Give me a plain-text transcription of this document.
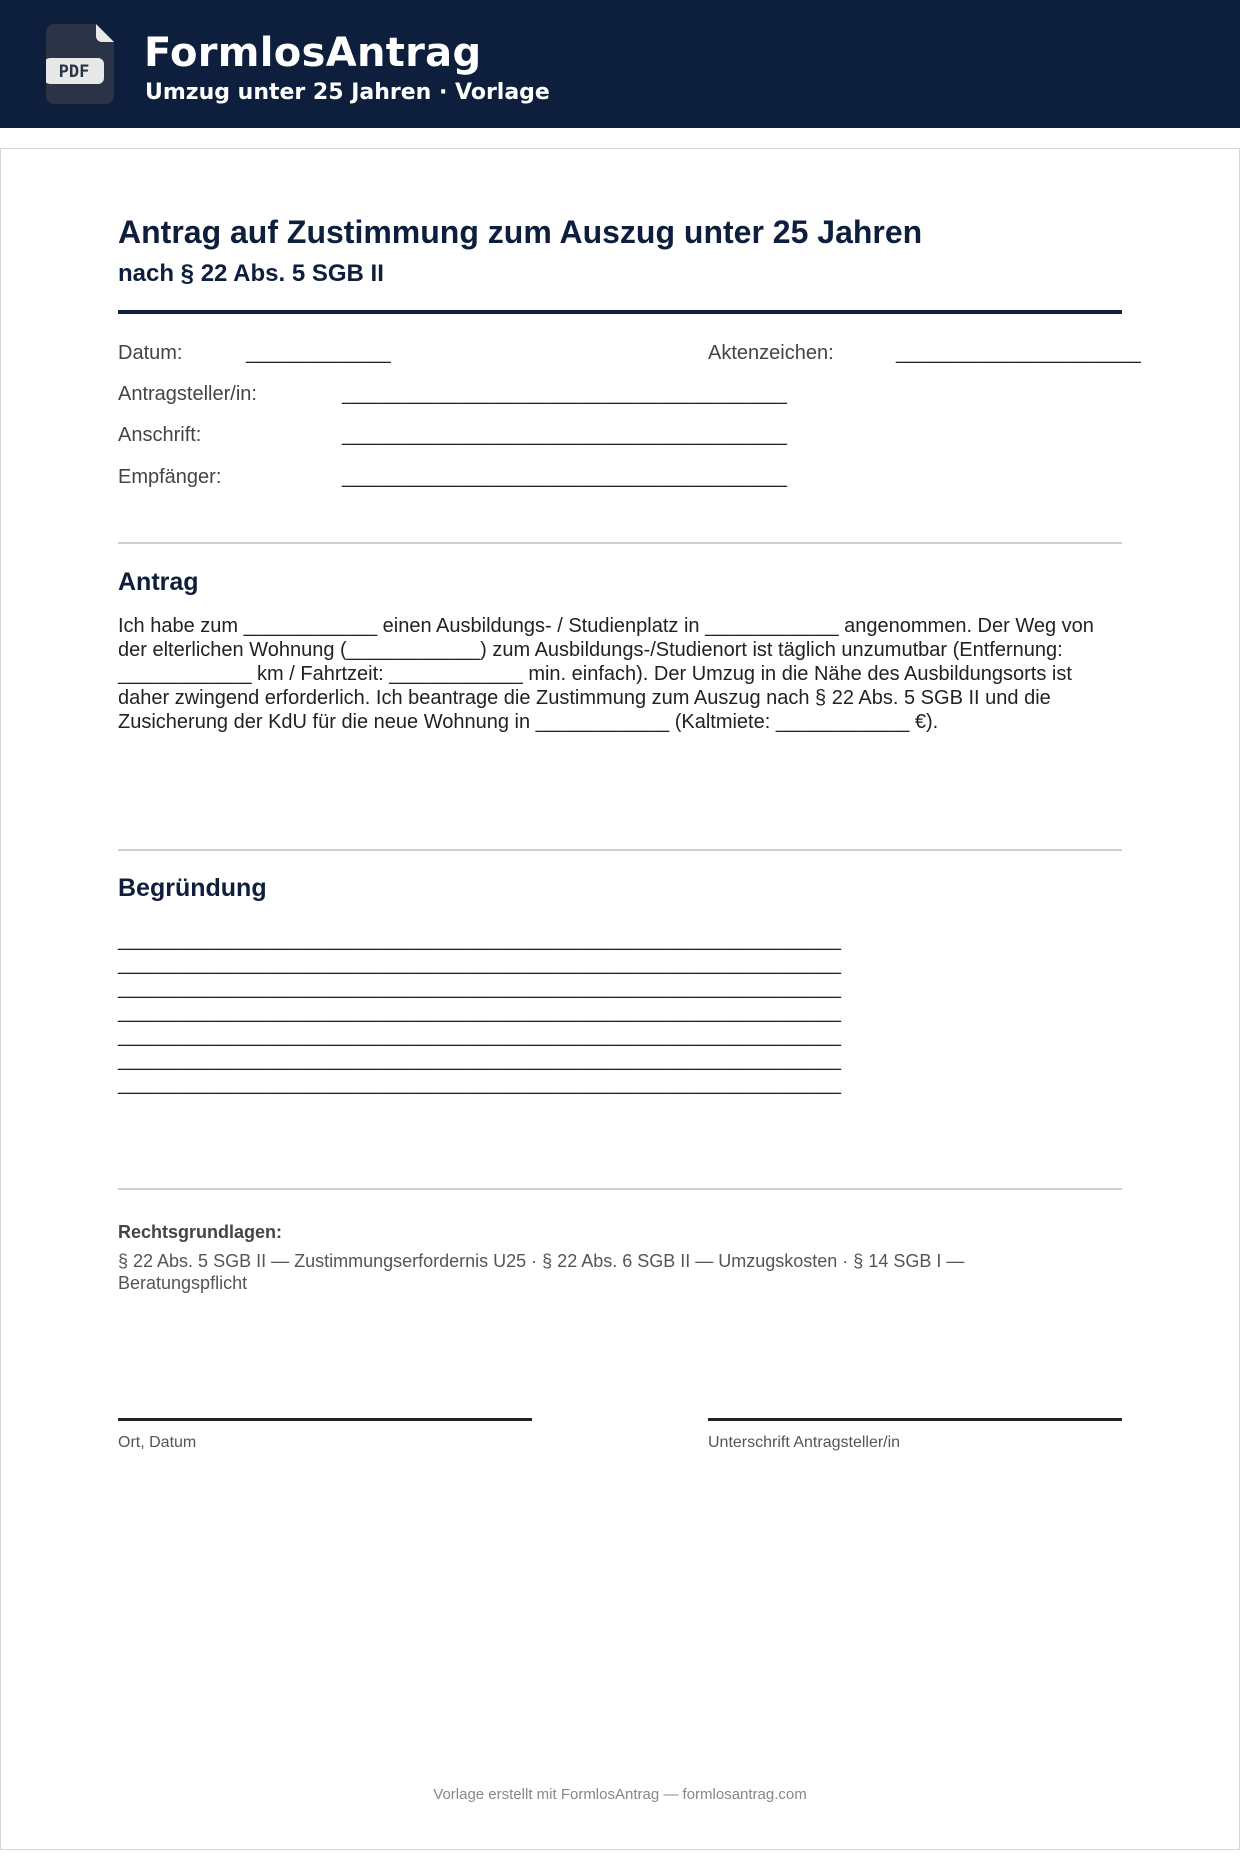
PDF FormlosAntrag
Umzug unter 25 Jahren · Vorlage
Antrag auf Zustimmung zum Auszug unter 25 Jahren
nach § 22 Abs. 5 SGB II
Datum:	_____________	Aktenzeichen:	______________________
Antragsteller/in:	________________________________________
Anschrift:	________________________________________
Empfänger:	________________________________________
Antrag
Ich habe zum ____________ einen Ausbildungs- / Studienplatz in ____________ angenommen. Der Weg von der elterlichen Wohnung (____________) zum Ausbildungs-/Studienort ist täglich unzumutbar (Entfernung: ____________ km / Fahrtzeit: ____________ min. einfach). Der Umzug in die Nähe des Ausbildungsorts ist daher zwingend erforderlich. Ich beantrage die Zustimmung zum Auszug nach § 22 Abs. 5 SGB II und die Zusicherung der KdU für die neue Wohnung in ____________ (Kaltmiete: ____________ €).
Begründung
_________________________________________________________________
_________________________________________________________________
_________________________________________________________________
_________________________________________________________________
_________________________________________________________________
_________________________________________________________________
_________________________________________________________________
Rechtsgrundlagen:
§ 22 Abs. 5 SGB II — Zustimmungserfordernis U25 · § 22 Abs. 6 SGB II — Umzugskosten · § 14 SGB I — Beratungspflicht
Ort, Datum	Unterschrift Antragsteller/in
Vorlage erstellt mit FormlosAntrag — formlosantrag.com
